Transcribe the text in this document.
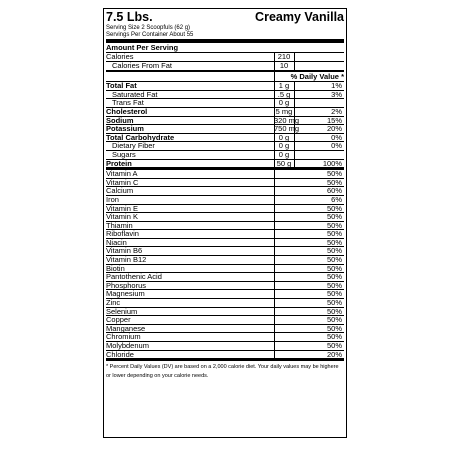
7.5 Lbs.	Creamy Vanilla
Serving Size 2 Scoopfuls (62 g)
Servings Per Container About 55
Amount Per Serving
Calories	210
Calories From Fat	10
% Daily Value *
Total Fat	1 g	1%
Saturated Fat	.5 g	3%
Trans Fat	0 g
Cholesterol	5 mg	2%
Sodium	320 mg	15%
Potassium	750 mg	20%
Total Carbohydrate	0 g	0%
Dietary Fiber	0 g	0%
Sugars	0 g
Protein	50 g	100%
Vitamin A	50%
Vitamin C	50%
Calcium	60%
Iron	6%
Vitamin E	50%
Vitamin K	50%
Thiamin	50%
Riboflavin	50%
Niacin	50%
Vitamin B6	50%
Vitamin B12	50%
Biotin	50%
Pantothenic Acid	50%
Phosphorus	50%
Magnesium	50%
Zinc	50%
Selenium	50%
Copper	50%
Manganese	50%
Chromium	50%
Molybdenum	50%
Chloride	20%
* Percent Daily Values (DV) are based on a 2,000 calorie diet. Your daily values may be highere or lower depending on your calorie needs.
